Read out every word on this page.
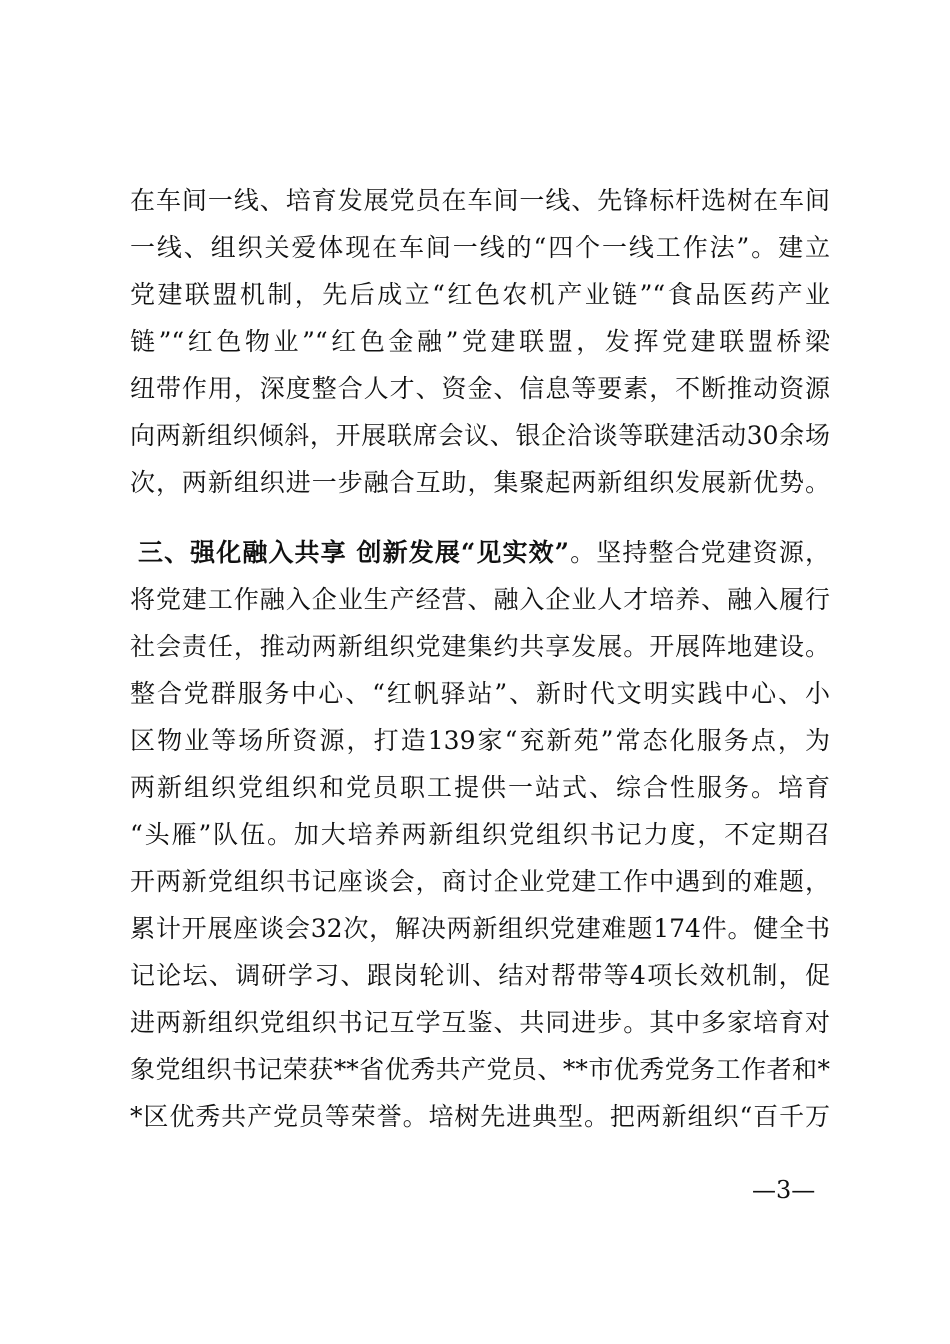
在车间一线、培育发展党员在车间一线、先锋标杆选树在车间
一线、组织关爱体现在车间一线的“四个一线工作法”。建立
党建联盟机制，先后成立“红色农机产业链”“食品医药产业
链”“红色物业”“红色金融”党建联盟，发挥党建联盟桥梁
纽带作用，深度整合人才、资金、信息等要素，不断推动资源
向两新组织倾斜，开展联席会议、银企洽谈等联建活动30余场
次，两新组织进一步融合互助，集聚起两新组织发展新优势。
三、强化融入共享 创新发展“见实效”。坚持整合党建资源，
将党建工作融入企业生产经营、融入企业人才培养、融入履行
社会责任，推动两新组织党建集约共享发展。开展阵地建设。
整合党群服务中心、“红帆驿站”、新时代文明实践中心、小
区物业等场所资源，打造139家“兖新苑”常态化服务点，为
两新组织党组织和党员职工提供一站式、综合性服务。培育
“头雁”队伍。加大培养两新组织党组织书记力度，不定期召
开两新党组织书记座谈会，商讨企业党建工作中遇到的难题，
累计开展座谈会32次，解决两新组织党建难题174件。健全书
记论坛、调研学习、跟岗轮训、结对帮带等4项长效机制，促
进两新组织党组织书记互学互鉴、共同进步。其中多家培育对
象党组织书记荣获**省优秀共产党员、**市优秀党务工作者和*
*区优秀共产党员等荣誉。培树先进典型。把两新组织“百千万
—3—
